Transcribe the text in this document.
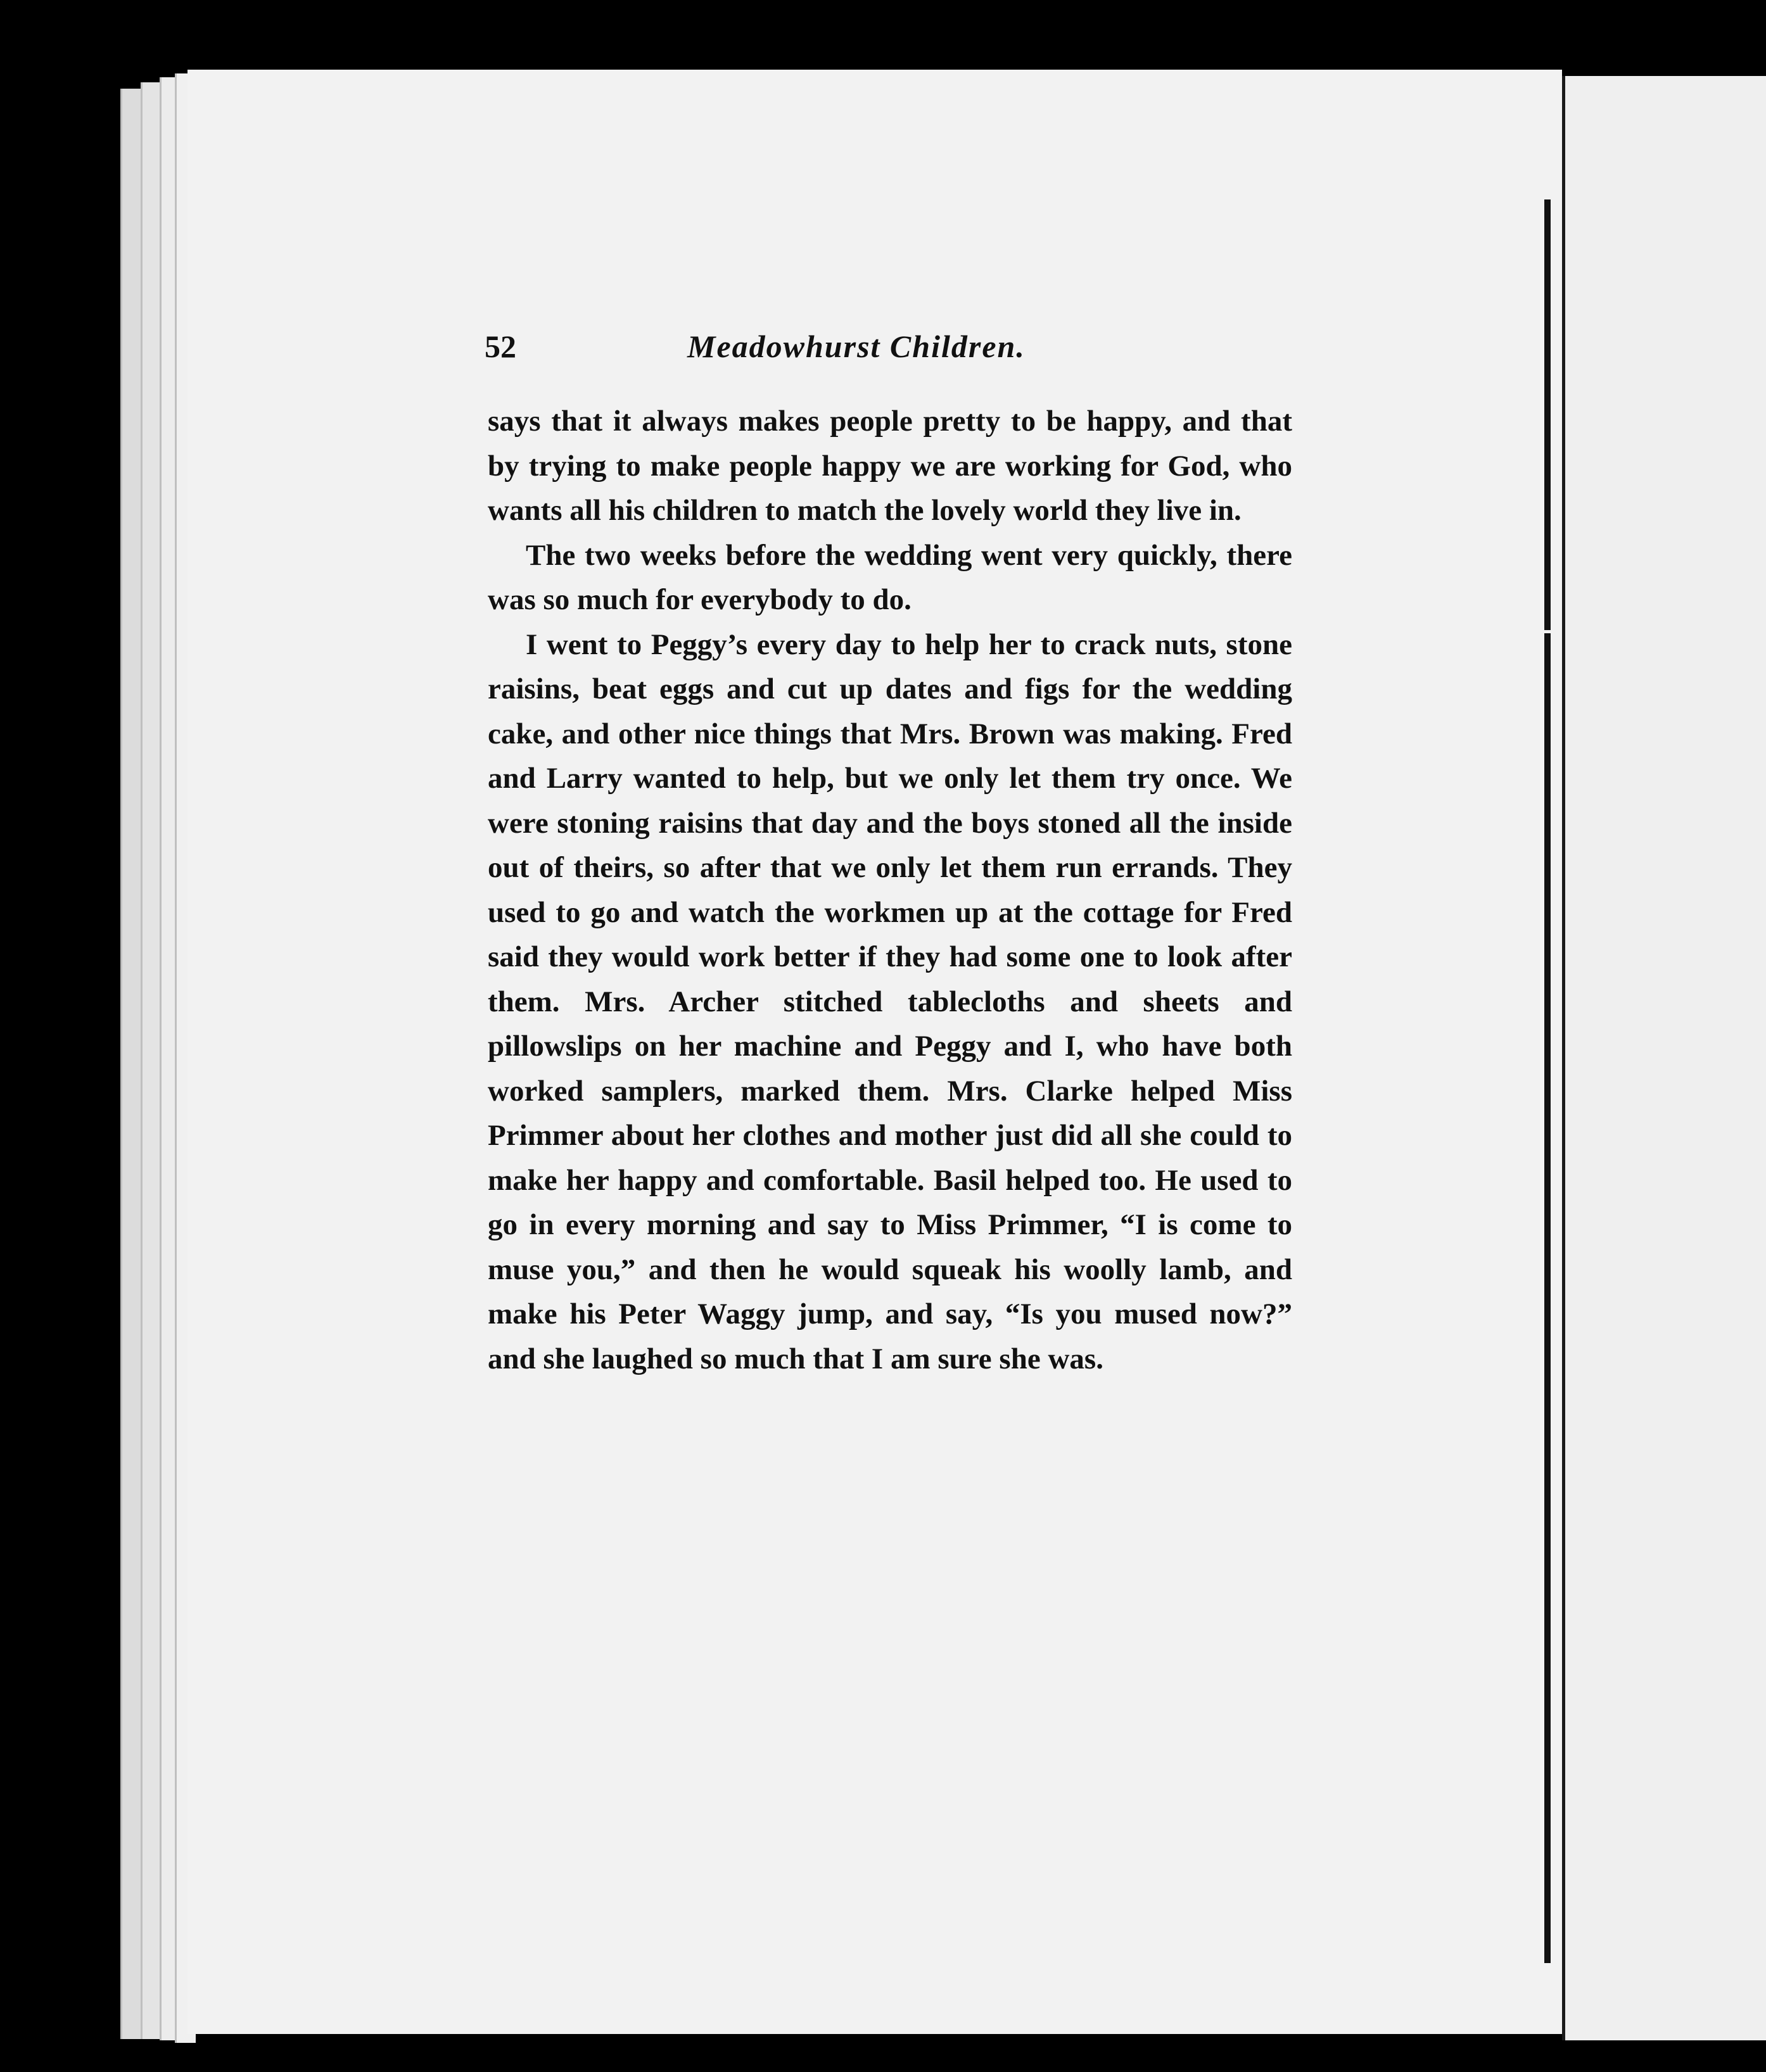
52	Meadowhurst Children.

says that it always makes people pretty to be happy, and that by trying to make people happy we are working for God, who wants all his children to match the lovely world they live in.

The two weeks before the wedding went very quickly, there was so much for everybody to do.

I went to Peggy’s every day to help her to crack nuts, stone raisins, beat eggs and cut up dates and figs for the wedding cake, and other nice things that Mrs. Brown was making. Fred and Larry wanted to help, but we only let them try once. We were stoning raisins that day and the boys stoned all the inside out of theirs, so after that we only let them run errands. They used to go and watch the workmen up at the cottage for Fred said they would work better if they had some one to look after them. Mrs. Archer stitched tablecloths and sheets and pillowslips on her machine and Peggy and I, who have both worked samplers, marked them. Mrs. Clarke helped Miss Primmer about her clothes and mother just did all she could to make her happy and comfortable. Basil helped too. He used to go in every morning and say to Miss Primmer, “I is come to muse you,” and then he would squeak his woolly lamb, and make his Peter Waggy jump, and say, “Is you mused now?” and she laughed so much that I am sure she was.
